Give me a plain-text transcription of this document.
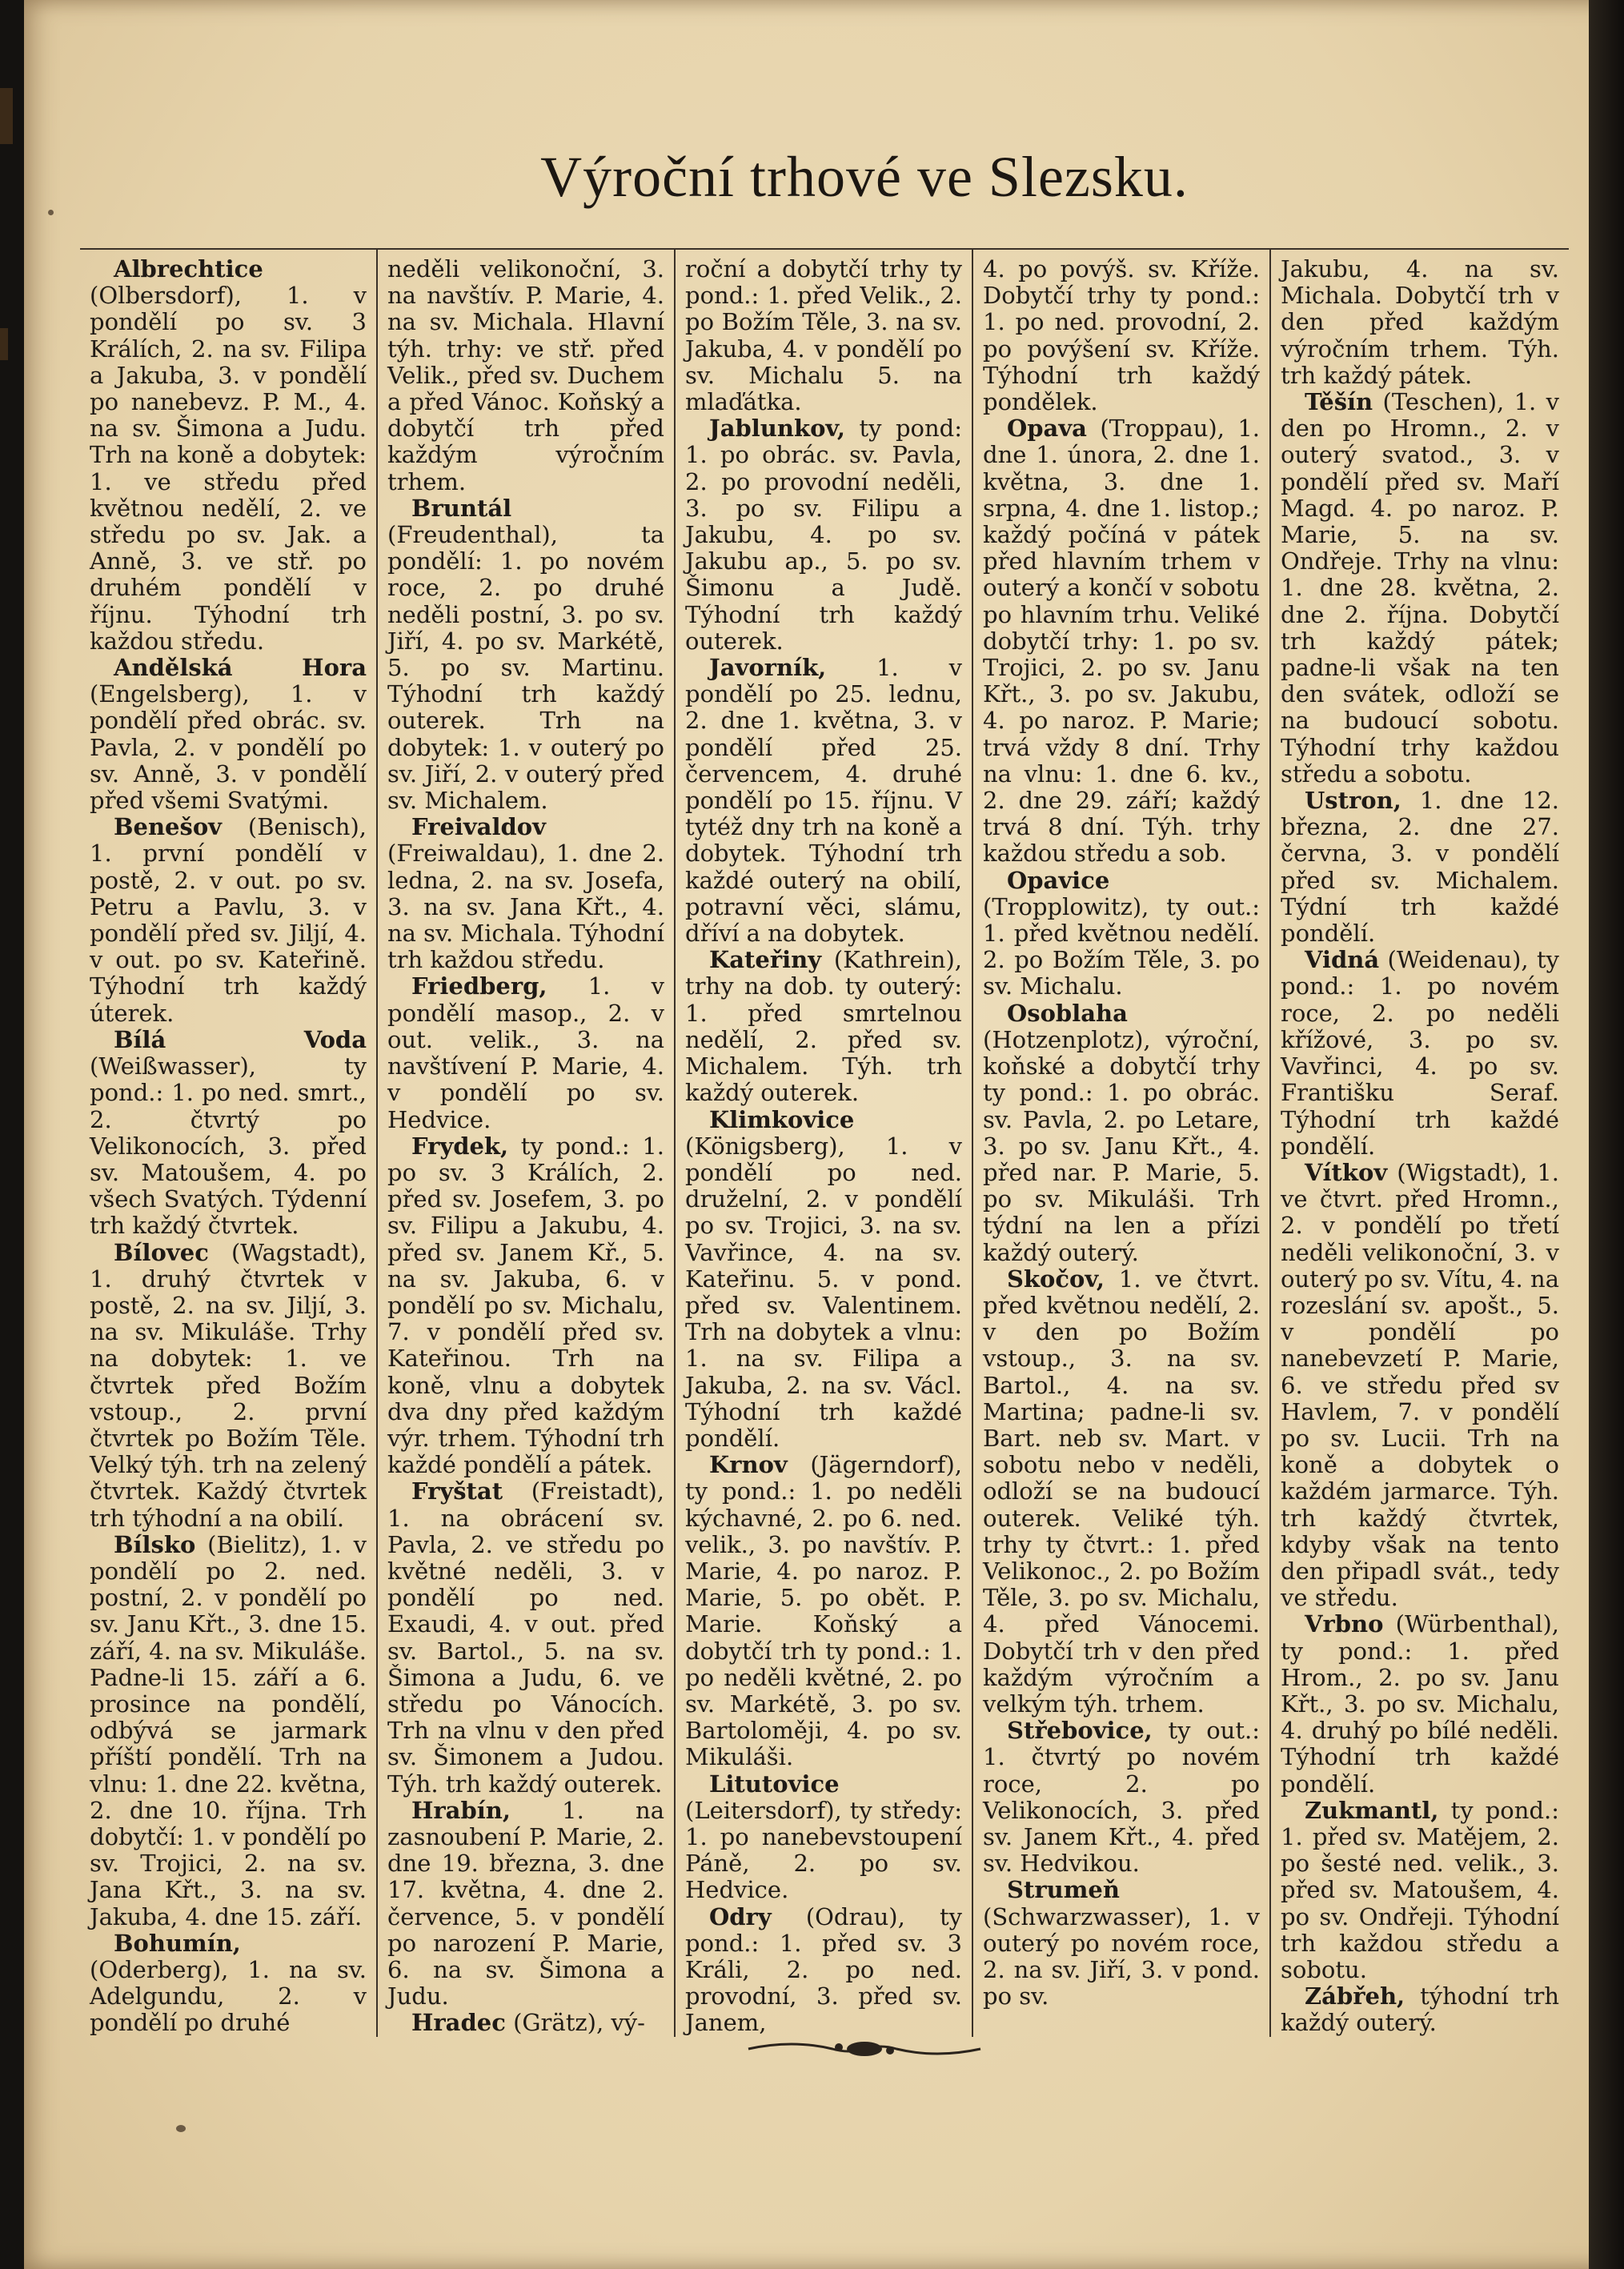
Výroční trhové ve Slezsku.

Albrechtice (Olbersdorf), 1. v pondělí po sv. 3 Králích, 2. na sv. Filipa a Jakuba, 3. v pondělí po nanebevz. P. M., 4. na sv. Šimona a Judu. Trh na koně a dobytek: 1. ve středu před květnou nedělí, 2. ve středu po sv. Jak. a Anně, 3. ve stř. po druhém pondělí v říjnu. Týhodní trh každou středu.

Andělská Hora (Engelsberg), 1. v pondělí před obrác. sv. Pavla, 2. v pondělí po sv. Anně, 3. v pondělí před všemi Svatými.

Benešov (Benisch), 1. první pondělí v postě, 2. v out. po sv. Petru a Pavlu, 3. v pondělí před sv. Jiljí, 4. v out. po sv. Kateřině. Týhodní trh každý úterek.

Bílá Voda (Weißwasser), ty pond.: 1. po ned. smrt., 2. čtvrtý po Velikonocích, 3. před sv. Matoušem, 4. po všech Svatých. Týdenní trh každý čtvrtek.

Bílovec (Wagstadt), 1. druhý čtvrtek v postě, 2. na sv. Jiljí, 3. na sv. Mikuláše. Trhy na dobytek: 1. ve čtvrtek před Božím vstoup., 2. první čtvrtek po Božím Těle. Velký týh. trh na zelený čtvrtek. Každý čtvrtek trh týhodní a na obilí.

Bílsko (Bielitz), 1. v pondělí po 2. ned. postní, 2. v pondělí po sv. Janu Křt., 3. dne 15. září, 4. na sv. Mikuláše. Padne-li 15. září a 6. prosince na pondělí, odbývá se jarmark příští pondělí. Trh na vlnu: 1. dne 22. května, 2. dne 10. října. Trh dobytčí: 1. v pondělí po sv. Trojici, 2. na sv. Jana Křt., 3. na sv. Jakuba, 4. dne 15. září.

Bohumín, (Oderberg), 1. na sv. Adelgundu, 2. v pondělí po druhé

neděli velikonoční, 3. na navštív. P. Marie, 4. na sv. Michala. Hlavní týh. trhy: ve stř. před Velik., před sv. Duchem a před Vánoc. Koňský a dobytčí trh před každým výročním trhem.

Bruntál (Freudenthal), ta pondělí: 1. po novém roce, 2. po druhé neděli postní, 3. po sv. Jiří, 4. po sv. Markétě, 5. po sv. Martinu. Týhodní trh každý outerek. Trh na dobytek: 1. v outerý po sv. Jiří, 2. v outerý před sv. Michalem.

Freivaldov (Freiwaldau), 1. dne 2. ledna, 2. na sv. Josefa, 3. na sv. Jana Křt., 4. na sv. Michala. Týhodní trh každou středu.

Friedberg, 1. v pondělí masop., 2. v out. velik., 3. na navštívení P. Marie, 4. v pondělí po sv. Hedvice.

Frydek, ty pond.: 1. po sv. 3 Králích, 2. před sv. Josefem, 3. po sv. Filipu a Jakubu, 4. před sv. Janem Kř., 5. na sv. Jakuba, 6. v pondělí po sv. Michalu, 7. v pondělí před sv. Kateřinou. Trh na koně, vlnu a dobytek dva dny před každým výr. trhem. Týhodní trh každé pondělí a pátek.

Fryštat (Freistadt), 1. na obrácení sv. Pavla, 2. ve středu po květné neděli, 3. v pondělí po ned. Exaudi, 4. v out. před sv. Bartol., 5. na sv. Šimona a Judu, 6. ve středu po Vánocích. Trh na vlnu v den před sv. Šimonem a Judou. Týh. trh každý outerek.

Hrabín, 1. na zasnoubení P. Marie, 2. dne 19. března, 3. dne 17. května, 4. dne 2. července, 5. v pondělí po narození P. Marie, 6. na sv. Šimona a Judu.

Hradec (Grätz), vý-

roční a dobytčí trhy ty pond.: 1. před Velik., 2. po Božím Těle, 3. na sv. Jakuba, 4. v pondělí po sv. Michalu 5. na mlaďátka.

Jablunkov, ty pond: 1. po obrác. sv. Pavla, 2. po provodní neděli, 3. po sv. Filipu a Jakubu, 4. po sv. Jakubu ap., 5. po sv. Šimonu a Judě. Týhodní trh každý outerek.

Javorník, 1. v pondělí po 25. lednu, 2. dne 1. května, 3. v pondělí před 25. červencem, 4. druhé pondělí po 15. říjnu. V tytéž dny trh na koně a dobytek. Týhodní trh každé outerý na obilí, potravní věci, slámu, dříví a na dobytek.

Kateřiny (Kathrein), trhy na dob. ty outerý: 1. před smrtelnou nedělí, 2. před sv. Michalem. Týh. trh každý outerek.

Klimkovice (Königsberg), 1. v pondělí po ned. druželní, 2. v pondělí po sv. Trojici, 3. na sv. Vavřince, 4. na sv. Kateřinu. 5. v pond. před sv. Valentinem. Trh na dobytek a vlnu: 1. na sv. Filipa a Jakuba, 2. na sv. Václ. Týhodní trh každé pondělí.

Krnov (Jägerndorf), ty pond.: 1. po neděli kýchavné, 2. po 6. ned. velik., 3. po navštív. P. Marie, 4. po naroz. P. Marie, 5. po obět. P. Marie. Koňský a dobytčí trh ty pond.: 1. po neděli květné, 2. po sv. Markétě, 3. po sv. Bartoloměji, 4. po sv. Mikuláši.

Litutovice (Leitersdorf), ty středy: 1. po nanebevstoupení Páně, 2. po sv. Hedvice.

Odry (Odrau), ty pond.: 1. před sv. 3 Králi, 2. po ned. provodní, 3. před sv. Janem,

4. po povýš. sv. Kříže. Dobytčí trhy ty pond.: 1. po ned. provodní, 2. po povýšení sv. Kříže. Týhodní trh každý pondělek.

Opava (Troppau), 1. dne 1. února, 2. dne 1. května, 3. dne 1. srpna, 4. dne 1. listop.; každý počíná v pátek před hlavním trhem v outerý a končí v sobotu po hlavním trhu. Veliké dobytčí trhy: 1. po sv. Trojici, 2. po sv. Janu Křt., 3. po sv. Jakubu, 4. po naroz. P. Marie; trvá vždy 8 dní. Trhy na vlnu: 1. dne 6. kv., 2. dne 29. září; každý trvá 8 dní. Týh. trhy každou středu a sob.

Opavice (Tropplowitz), ty out.: 1. před květnou nedělí. 2. po Božím Těle, 3. po sv. Michalu.

Osoblaha (Hotzenplotz), výroční, koňské a dobytčí trhy ty pond.: 1. po obrác. sv. Pavla, 2. po Letare, 3. po sv. Janu Křt., 4. před nar. P. Marie, 5. po sv. Mikuláši. Trh týdní na len a přízi každý outerý.

Skočov, 1. ve čtvrt. před květnou nedělí, 2. v den po Božím vstoup., 3. na sv. Bartol., 4. na sv. Martina; padne-li sv. Bart. neb sv. Mart. v sobotu nebo v neděli, odloží se na budoucí outerek. Veliké týh. trhy ty čtvrt.: 1. před Velikonoc., 2. po Božím Těle, 3. po sv. Michalu, 4. před Vánocemi. Dobytčí trh v den před každým výročním a velkým týh. trhem.

Střebovice, ty out.: 1. čtvrtý po novém roce, 2. po Velikonocích, 3. před sv. Janem Křt., 4. před sv. Hedvikou.

Strumeň (Schwarzwasser), 1. v outerý po novém roce, 2. na sv. Jiří, 3. v pond. po sv.

Jakubu, 4. na sv. Michala. Dobytčí trh v den před každým výročním trhem. Týh. trh každý pátek.

Těšín (Teschen), 1. v den po Hromn., 2. v outerý svatod., 3. v pondělí před sv. Maří Magd. 4. po naroz. P. Marie, 5. na sv. Ondřeje. Trhy na vlnu: 1. dne 28. května, 2. dne 2. října. Dobytčí trh každý pátek; padne-li však na ten den svátek, odloží se na budoucí sobotu. Týhodní trhy každou středu a sobotu.

Ustron, 1. dne 12. března, 2. dne 27. června, 3. v pondělí před sv. Michalem. Týdní trh každé pondělí.

Vidná (Weidenau), ty pond.: 1. po novém roce, 2. po neděli křížové, 3. po sv. Vavřinci, 4. po sv. Františku Seraf. Týhodní trh každé pondělí.

Vítkov (Wigstadt), 1. ve čtvrt. před Hromn., 2. v pondělí po třetí neděli velikonoční, 3. v outerý po sv. Vítu, 4. na rozeslání sv. apošt., 5. v pondělí po nanebevzetí P. Marie, 6. ve středu před sv Havlem, 7. v pondělí po sv. Lucii. Trh na koně a dobytek o každém jarmarce. Týh. trh každý čtvrtek, kdyby však na tento den připadl svát., tedy ve středu.

Vrbno (Würbenthal), ty pond.: 1. před Hrom., 2. po sv. Janu Křt., 3. po sv. Michalu, 4. druhý po bílé neděli. Týhodní trh každé pondělí.

Zukmantl, ty pond.: 1. před sv. Matějem, 2. po šesté ned. velik., 3. před sv. Matoušem, 4. po sv. Ondřeji. Týhodní trh každou středu a sobotu.

Zábřeh, týhodní trh každý outerý.
